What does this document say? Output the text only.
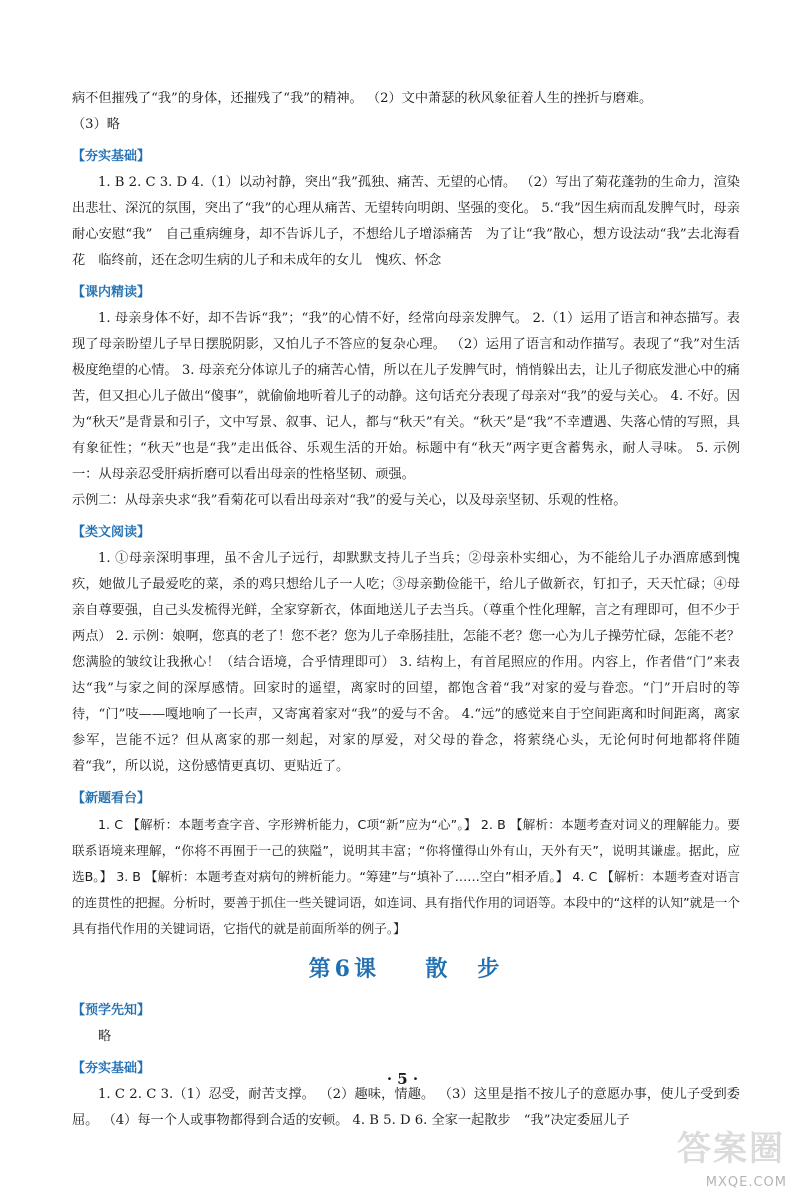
病不但摧残了“我”的身体，还摧残了“我”的精神。 （2）文中萧瑟的秋风象征着人生的挫折与磨难。

（3）略

【夯实基础】

1. B 2. C 3. D 4.（1）以动衬静，突出“我”孤独、痛苦、无望的心情。 （2）写出了菊花蓬勃的生命力，渲染出悲壮、深沉的氛围，突出了“我”的心理从痛苦、无望转向明朗、坚强的变化。 5.“我”因生病而乱发脾气时，母亲耐心安慰“我”　自己重病缠身，却不告诉儿子，不想给儿子增添痛苦　为了让“我”散心，想方设法动“我”去北海看花　临终前，还在念叨生病的儿子和未成年的女儿　愧疚、怀念

【课内精读】

1. 母亲身体不好，却不告诉“我”；“我”的心情不好，经常向母亲发脾气。 2.（1）运用了语言和神态描写。表现了母亲盼望儿子早日摆脱阴影，又怕儿子不答应的复杂心理。 （2）运用了语言和动作描写。表现了“我”对生活极度绝望的心情。 3. 母亲充分体谅儿子的痛苦心情，所以在儿子发脾气时，悄悄躲出去，让儿子彻底发泄心中的痛苦，但又担心儿子做出“傻事”，就偷偷地听着儿子的动静。这句话充分表现了母亲对“我”的爱与关心。 4. 不好。因为“秋天”是背景和引子，文中写景、叙事、记人，都与“秋天”有关。“秋天”是“我”不幸遭遇、失落心情的写照，具有象征性；“秋天”也是“我”走出低谷、乐观生活的开始。标题中有“秋天”两字更含蓄隽永，耐人寻味。 5. 示例一：从母亲忍受肝病折磨可以看出母亲的性格坚韧、顽强。

示例二：从母亲央求“我”看菊花可以看出母亲对“我”的爱与关心，以及母亲坚韧、乐观的性格。

【类文阅读】

1. ①母亲深明事理，虽不舍儿子远行，却默默支持儿子当兵；②母亲朴实细心，为不能给儿子办酒席感到愧疚，她做儿子最爱吃的菜，杀的鸡只想给儿子一人吃；③母亲勤俭能干，给儿子做新衣，钉扣子，天天忙碌；④母亲自尊要强，自己头发梳得光鲜，全家穿新衣，体面地送儿子去当兵。（尊重个性化理解，言之有理即可，但不少于两点） 2. 示例：娘啊，您真的老了！您不老？您为儿子牵肠挂肚，怎能不老？您一心为儿子操劳忙碌，怎能不老？您满脸的皱纹让我揪心！（结合语境，合乎情理即可） 3. 结构上，有首尾照应的作用。内容上，作者借“门”来表达“我”与家之间的深厚感情。回家时的遥望，离家时的回望，都饱含着“我”对家的爱与眷恋。“门”开启时的等待，“门”吱——嘎地响了一长声，又寄寓着家对“我”的爱与不舍。 4.“远”的感觉来自于空间距离和时间距离，离家参军，岂能不远？但从离家的那一刻起，对家的厚爱，对父母的眷念，将萦绕心头，无论何时何地都将伴随着“我”，所以说，这份感情更真切、更贴近了。

【新题看台】

1. C 【解析：本题考查字音、字形辨析能力，C项“新”应为“心”。】 2. B 【解析：本题考查对词义的理解能力。要联系语境来理解，“你将不再囿于一己的狭隘”，说明其丰富；“你将懂得山外有山，天外有天”，说明其谦虚。据此，应选B。】 3. B 【解析：本题考查对病句的辨析能力。“筹建”与“填补了……空白”相矛盾。】 4. C 【解析：本题考查对语言的连贯性的把握。分析时，要善于抓住一些关键词语，如连词、具有指代作用的词语等。本段中的“这样的认知”就是一个具有指代作用的关键词语，它指代的就是前面所举的例子。】

第6课 散　步
【预学先知】

略

【夯实基础】

1. C 2. C 3.（1）忍受，耐苦支撑。 （2）趣味，情趣。 （3）这里是指不按儿子的意愿办事，使儿子受到委屈。 （4）每一个人或事物都得到合适的安顿。 4. B 5. D 6. 全家一起散步　“我”决定委屈儿子

· 5 ·
答案圈
MXQE.COM
